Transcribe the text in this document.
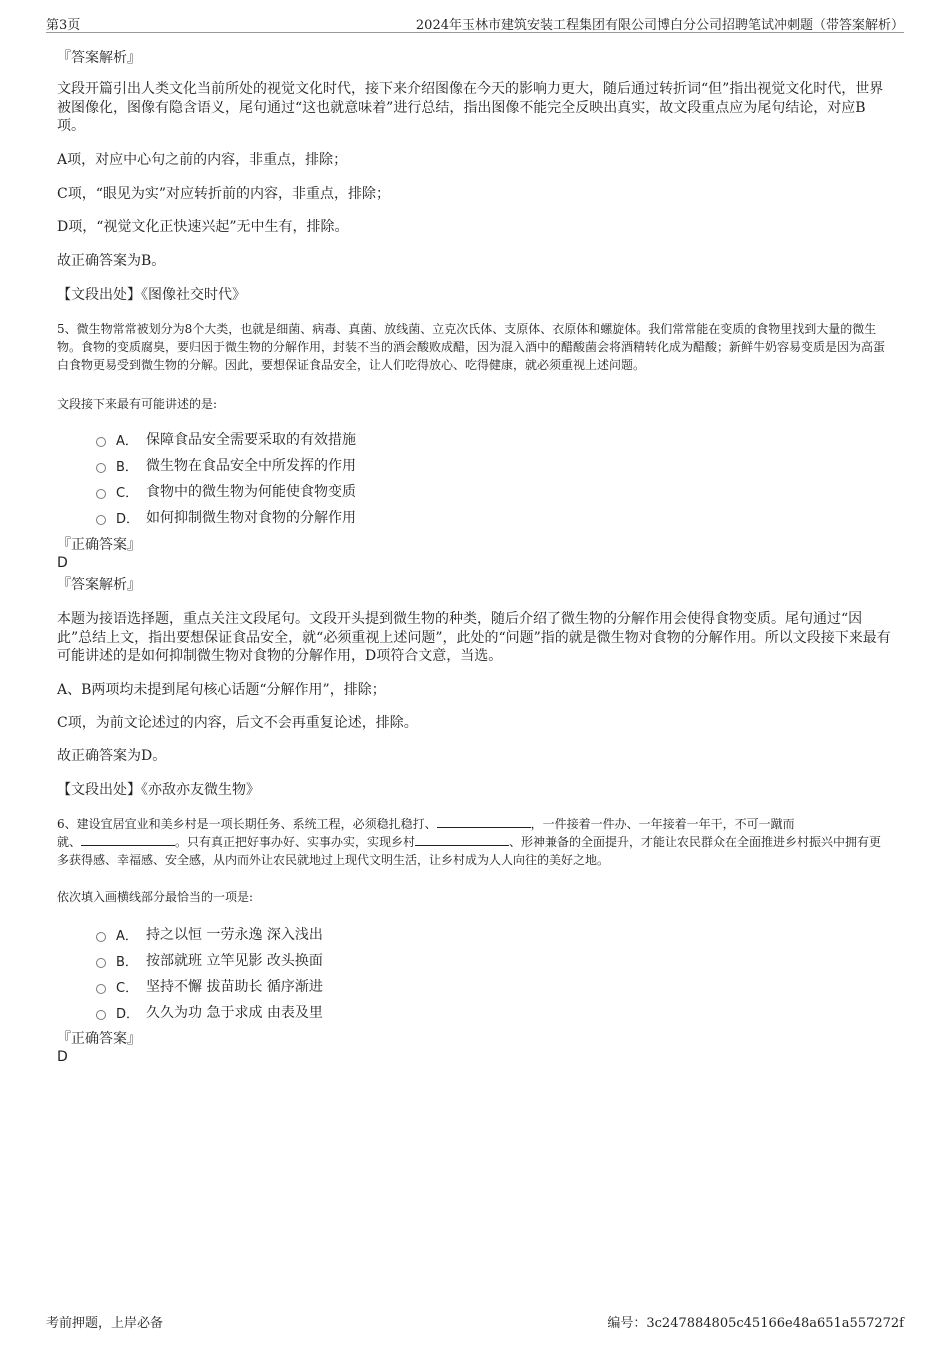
第3页	2024年玉林市建筑安装工程集团有限公司博白分公司招聘笔试冲刺题（带答案解析）
『答案解析』
文段开篇引出人类文化当前所处的视觉文化时代，接下来介绍图像在今天的影响力更大，随后通过转折词“但”指出视觉文化时代，世界被图像化，图像有隐含语义，尾句通过“这也就意味着”进行总结，指出图像不能完全反映出真实，故文段重点应为尾句结论，对应B项。
A项，对应中心句之前的内容，非重点，排除；
C项，“眼见为实”对应转折前的内容，非重点，排除；
D项，“视觉文化正快速兴起”无中生有，排除。
故正确答案为B。
【文段出处】《图像社交时代》
5、微生物常常被划分为8个大类，也就是细菌、病毒、真菌、放线菌、立克次氏体、支原体、衣原体和螺旋体。我们常常能在变质的食物里找到大量的微生物。食物的变质腐臭，要归因于微生物的分解作用，封装不当的酒会酸败成醋，因为混入酒中的醋酸菌会将酒精转化成为醋酸；新鲜牛奶容易变质是因为高蛋白食物更易受到微生物的分解。因此，要想保证食品安全，让人们吃得放心、吃得健康，就必须重视上述问题。
文段接下来最有可能讲述的是:
A． 保障食品安全需要采取的有效措施
B． 微生物在食品安全中所发挥的作用
C． 食物中的微生物为何能使食物变质
D． 如何抑制微生物对食物的分解作用
『正确答案』
D
『答案解析』
本题为接语选择题，重点关注文段尾句。文段开头提到微生物的种类，随后介绍了微生物的分解作用会使得食物变质。尾句通过“因此”总结上文，指出要想保证食品安全，就“必须重视上述问题”，此处的“问题”指的就是微生物对食物的分解作用。所以文段接下来最有可能讲述的是如何抑制微生物对食物的分解作用，D项符合文意，当选。
A、B两项均未提到尾句核心话题“分解作用”，排除；
C项，为前文论述过的内容，后文不会再重复论述，排除。
故正确答案为D。
【文段出处】《亦敌亦友微生物》
6、建设宜居宜业和美乡村是一项长期任务、系统工程，必须稳扎稳打、	，一件接着一件办、一年接着一年干，不可一蹴而
就、	。只有真正把好事办好、实事办实，实现乡村	、形神兼备的全面提升，才能让农民群众在全面推进乡村振兴中拥有更多获得感、幸福感、安全感，从内而外让农民就地过上现代文明生活，让乡村成为人人向往的美好之地。
依次填入画横线部分最恰当的一项是:
A． 持之以恒 一劳永逸 深入浅出
B． 按部就班 立竿见影 改头换面
C． 坚持不懈 拔苗助长 循序渐进
D． 久久为功 急于求成 由表及里
『正确答案』
D
考前押题，上岸必备	编号：3c247884805c45166e48a651a557272f
